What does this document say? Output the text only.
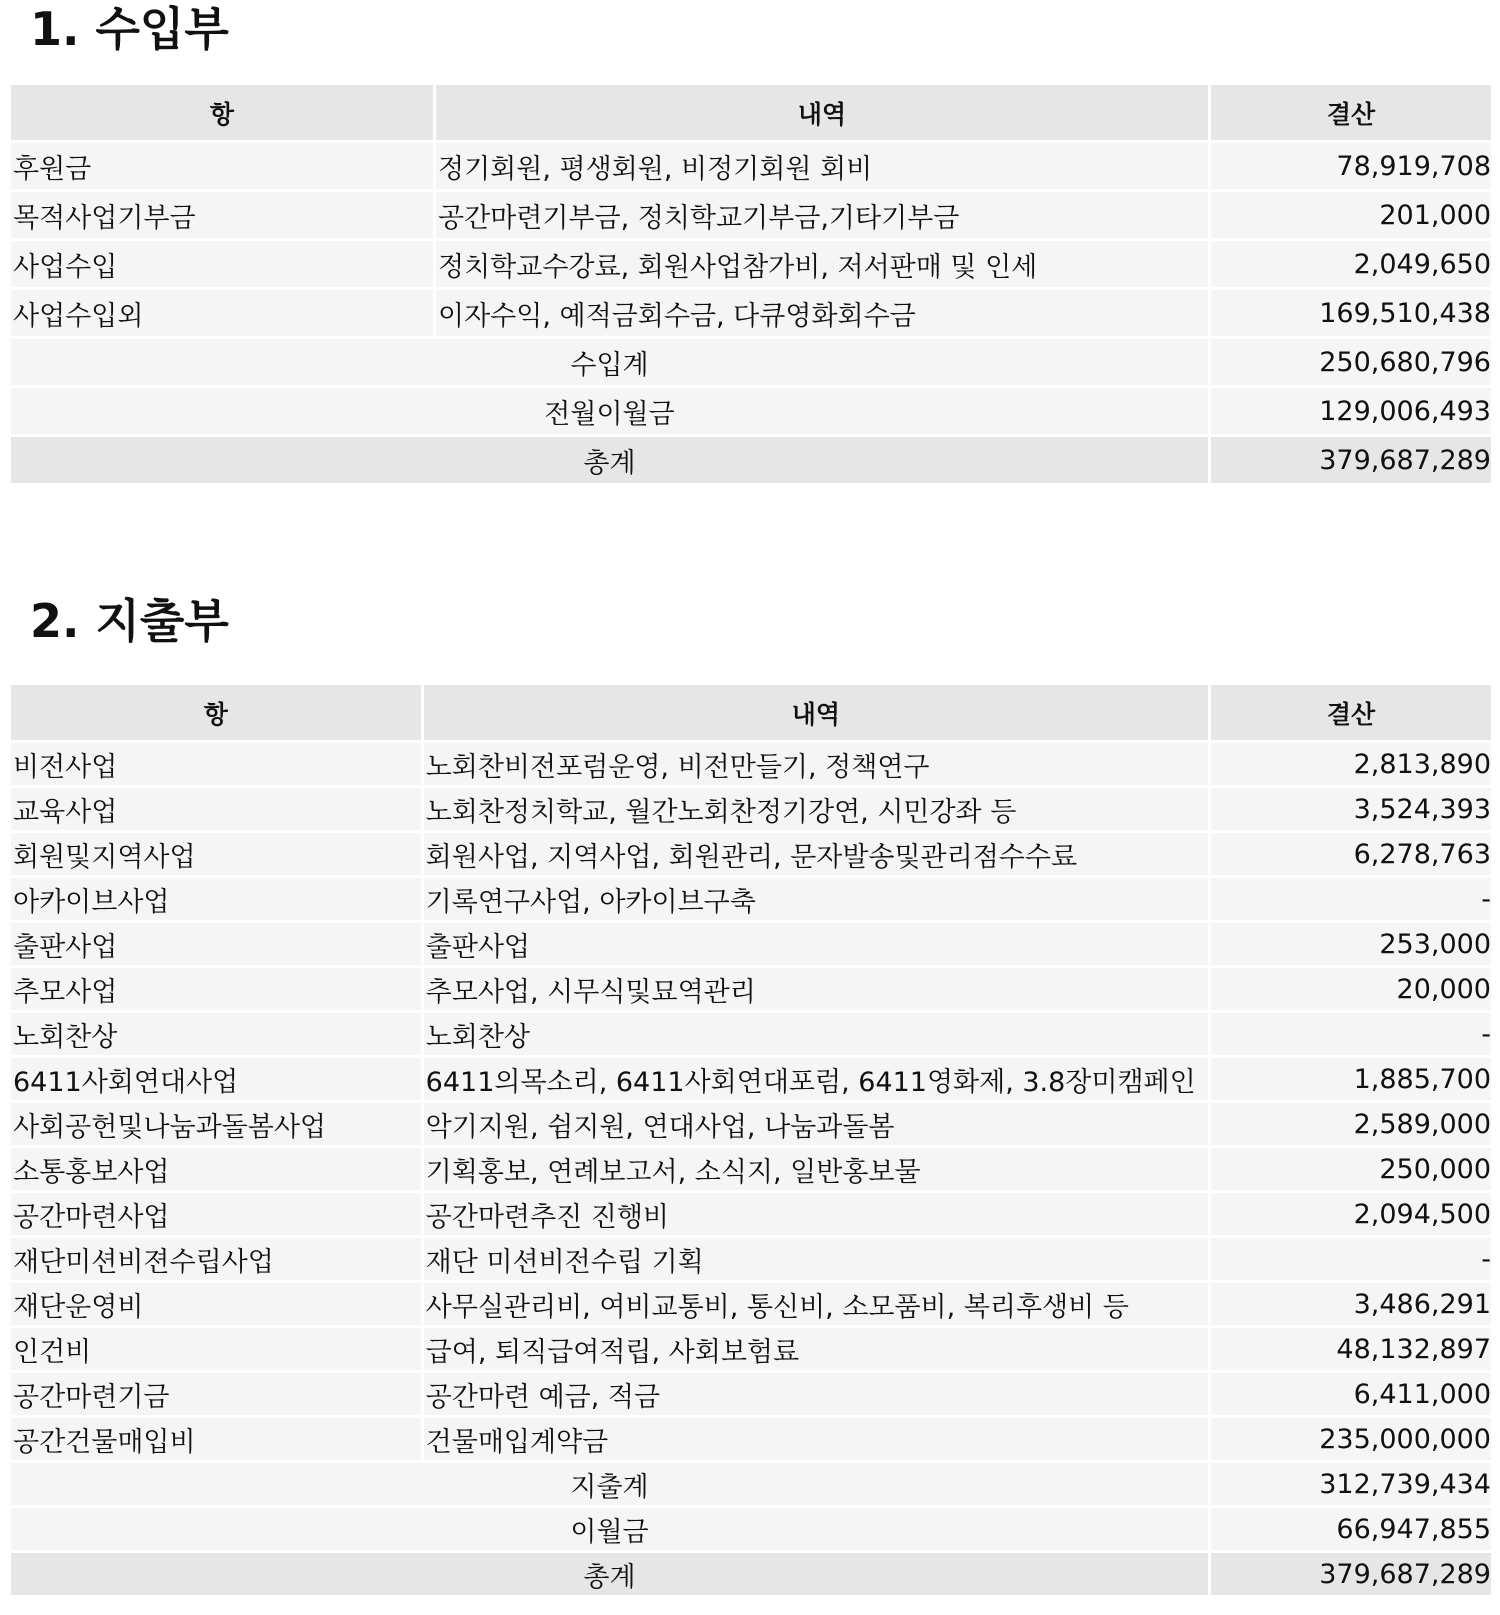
1. 수입부
항	내역	결산
후원금	정기회원, 평생회원, 비정기회원 회비	78,919,708
목적사업기부금	공간마련기부금, 정치학교기부금,기타기부금	201,000
사업수입	정치학교수강료, 회원사업참가비, 저서판매 및 인세	2,049,650
사업수입외	이자수익, 예적금회수금, 다큐영화회수금	169,510,438
수입계		250,680,796
전월이월금		129,006,493
총계		379,687,289
2. 지출부
항	내역	결산
비전사업	노회찬비전포럼운영, 비전만들기, 정책연구	2,813,890
교육사업	노회찬정치학교, 월간노회찬정기강연, 시민강좌 등	3,524,393
회원및지역사업	회원사업, 지역사업, 회원관리, 문자발송및관리점수수료	6,278,763
아카이브사업	기록연구사업, 아카이브구축	-
출판사업	출판사업	253,000
추모사업	추모사업, 시무식및묘역관리	20,000
노회찬상	노회찬상	-
6411사회연대사업	6411의목소리, 6411사회연대포럼, 6411영화제, 3.8장미캠페인	1,885,700
사회공헌및나눔과돌봄사업	악기지원, 쉼지원, 연대사업, 나눔과돌봄	2,589,000
소통홍보사업	기획홍보, 연례보고서, 소식지, 일반홍보물	250,000
공간마련사업	공간마련추진 진행비	2,094,500
재단미션비젼수립사업	재단 미션비전수립 기획	-
재단운영비	사무실관리비, 여비교통비, 통신비, 소모품비, 복리후생비 등	3,486,291
인건비	급여, 퇴직급여적립, 사회보험료	48,132,897
공간마련기금	공간마련 예금, 적금	6,411,000
공간건물매입비	건물매입계약금	235,000,000
지출계		312,739,434
이월금		66,947,855
총계		379,687,289
